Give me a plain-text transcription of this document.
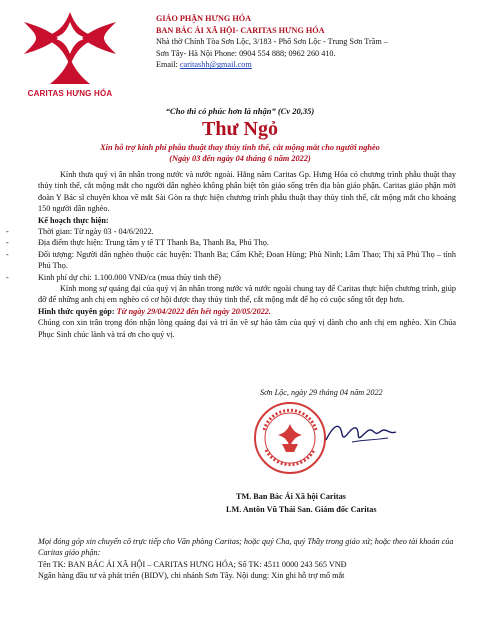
CARITAS HƯNG HÓA
GIÁO PHẬN HƯNG HÓA
BAN BÁC ÁI XÃ HỘI- CARITAS HƯNG HÓA
Nhà thờ Chính Tòa Sơn Lộc, 3/183 - Phố Sơn Lộc - Trung Sơn Trầm –
Sơn Tây- Hà Nội Phone: 0904 554 888; 0962 260 410.
Email: caritashh@gmail.com
“Cho thì có phúc hơn là nhận” (Cv 20,35)
Thư Ngỏ
Xin hỗ trợ kinh phí phẫu thuật thay thủy tinh thể, cắt mộng mắt cho người nghèo
(Ngày 03 đến ngày 04 tháng 6 năm 2022)

Kính thưa quý vị ân nhân trong nước và nước ngoài. Hằng năm Caritas Gp. Hưng Hóa có chương trình phẫu thuật thay thủy tinh thể, cắt mộng mắt cho người dân nghèo không phân biệt tôn giáo sống trên địa bàn giáo phận. Caritas giáo phận mời đoàn Y Bác sĩ chuyên khoa về mắt Sài Gòn ra thực hiện chương trình phẫu thuật thay thủy tinh thể, cắt mộng mắt cho khoảng 150 người dân nghèo.

Kế hoạch thực hiện:

-	Thời gian: Từ ngày 03 - 04/6/2022.
-	Địa điểm thực hiện: Trung tâm y tế TT Thanh Ba, Thanh Ba, Phú Thọ.
-	Đối tượng: Người dân nghèo thuộc các huyện: Thanh Ba; Cẩm Khê; Đoan Hùng; Phù Ninh; Lâm Thao; Thị xã Phú Thọ – tỉnh Phú Thọ.
-	Kinh phí dự chi: 1.100.000 VNĐ/ca (mua thủy tinh thể)

Kính mong sự quảng đại của quý vị ân nhân trong nước và nước ngoài chung tay để Caritas thực hiện chương trình, giúp đỡ để những anh chị em nghèo có cơ hội được thay thủy tinh thể, cắt mộng mắt để họ có cuộc sống tốt đẹp hơn.

Hình thức quyên góp: Từ ngày 29/04/2022 đến hết ngày 20/05/2022.

Chúng con xin trân trọng đón nhận lòng quảng đại và tri ân về sự hảo tâm của quý vị dành cho anh chị em nghèo. Xin Chúa Phục Sinh chúc lành và trả ơn cho quý vị.

Sơn Lộc, ngày 29 tháng 04 năm 2022
TM. Ban Bác Ái Xã hội Caritas
LM. Antôn Vũ Thái San. Giám đốc Caritas

Mọi đóng góp xin chuyển cô trực tiếp cho Văn phòng Caritas; hoặc quý Cha, quý Thầy trong giáo xứ; hoặc theo tài khoản của Caritas giáo phận:

Tên TK: BAN BÁC ÁI XÃ HỘI – CARITAS HƯNG HÓA; Số TK: 4511 0000 243 565 VNĐ

Ngân hàng đầu tư và phát triển (BIDV), chi nhánh Sơn Tây. Nội dung: Xin ghi hỗ trợ mổ mắt
